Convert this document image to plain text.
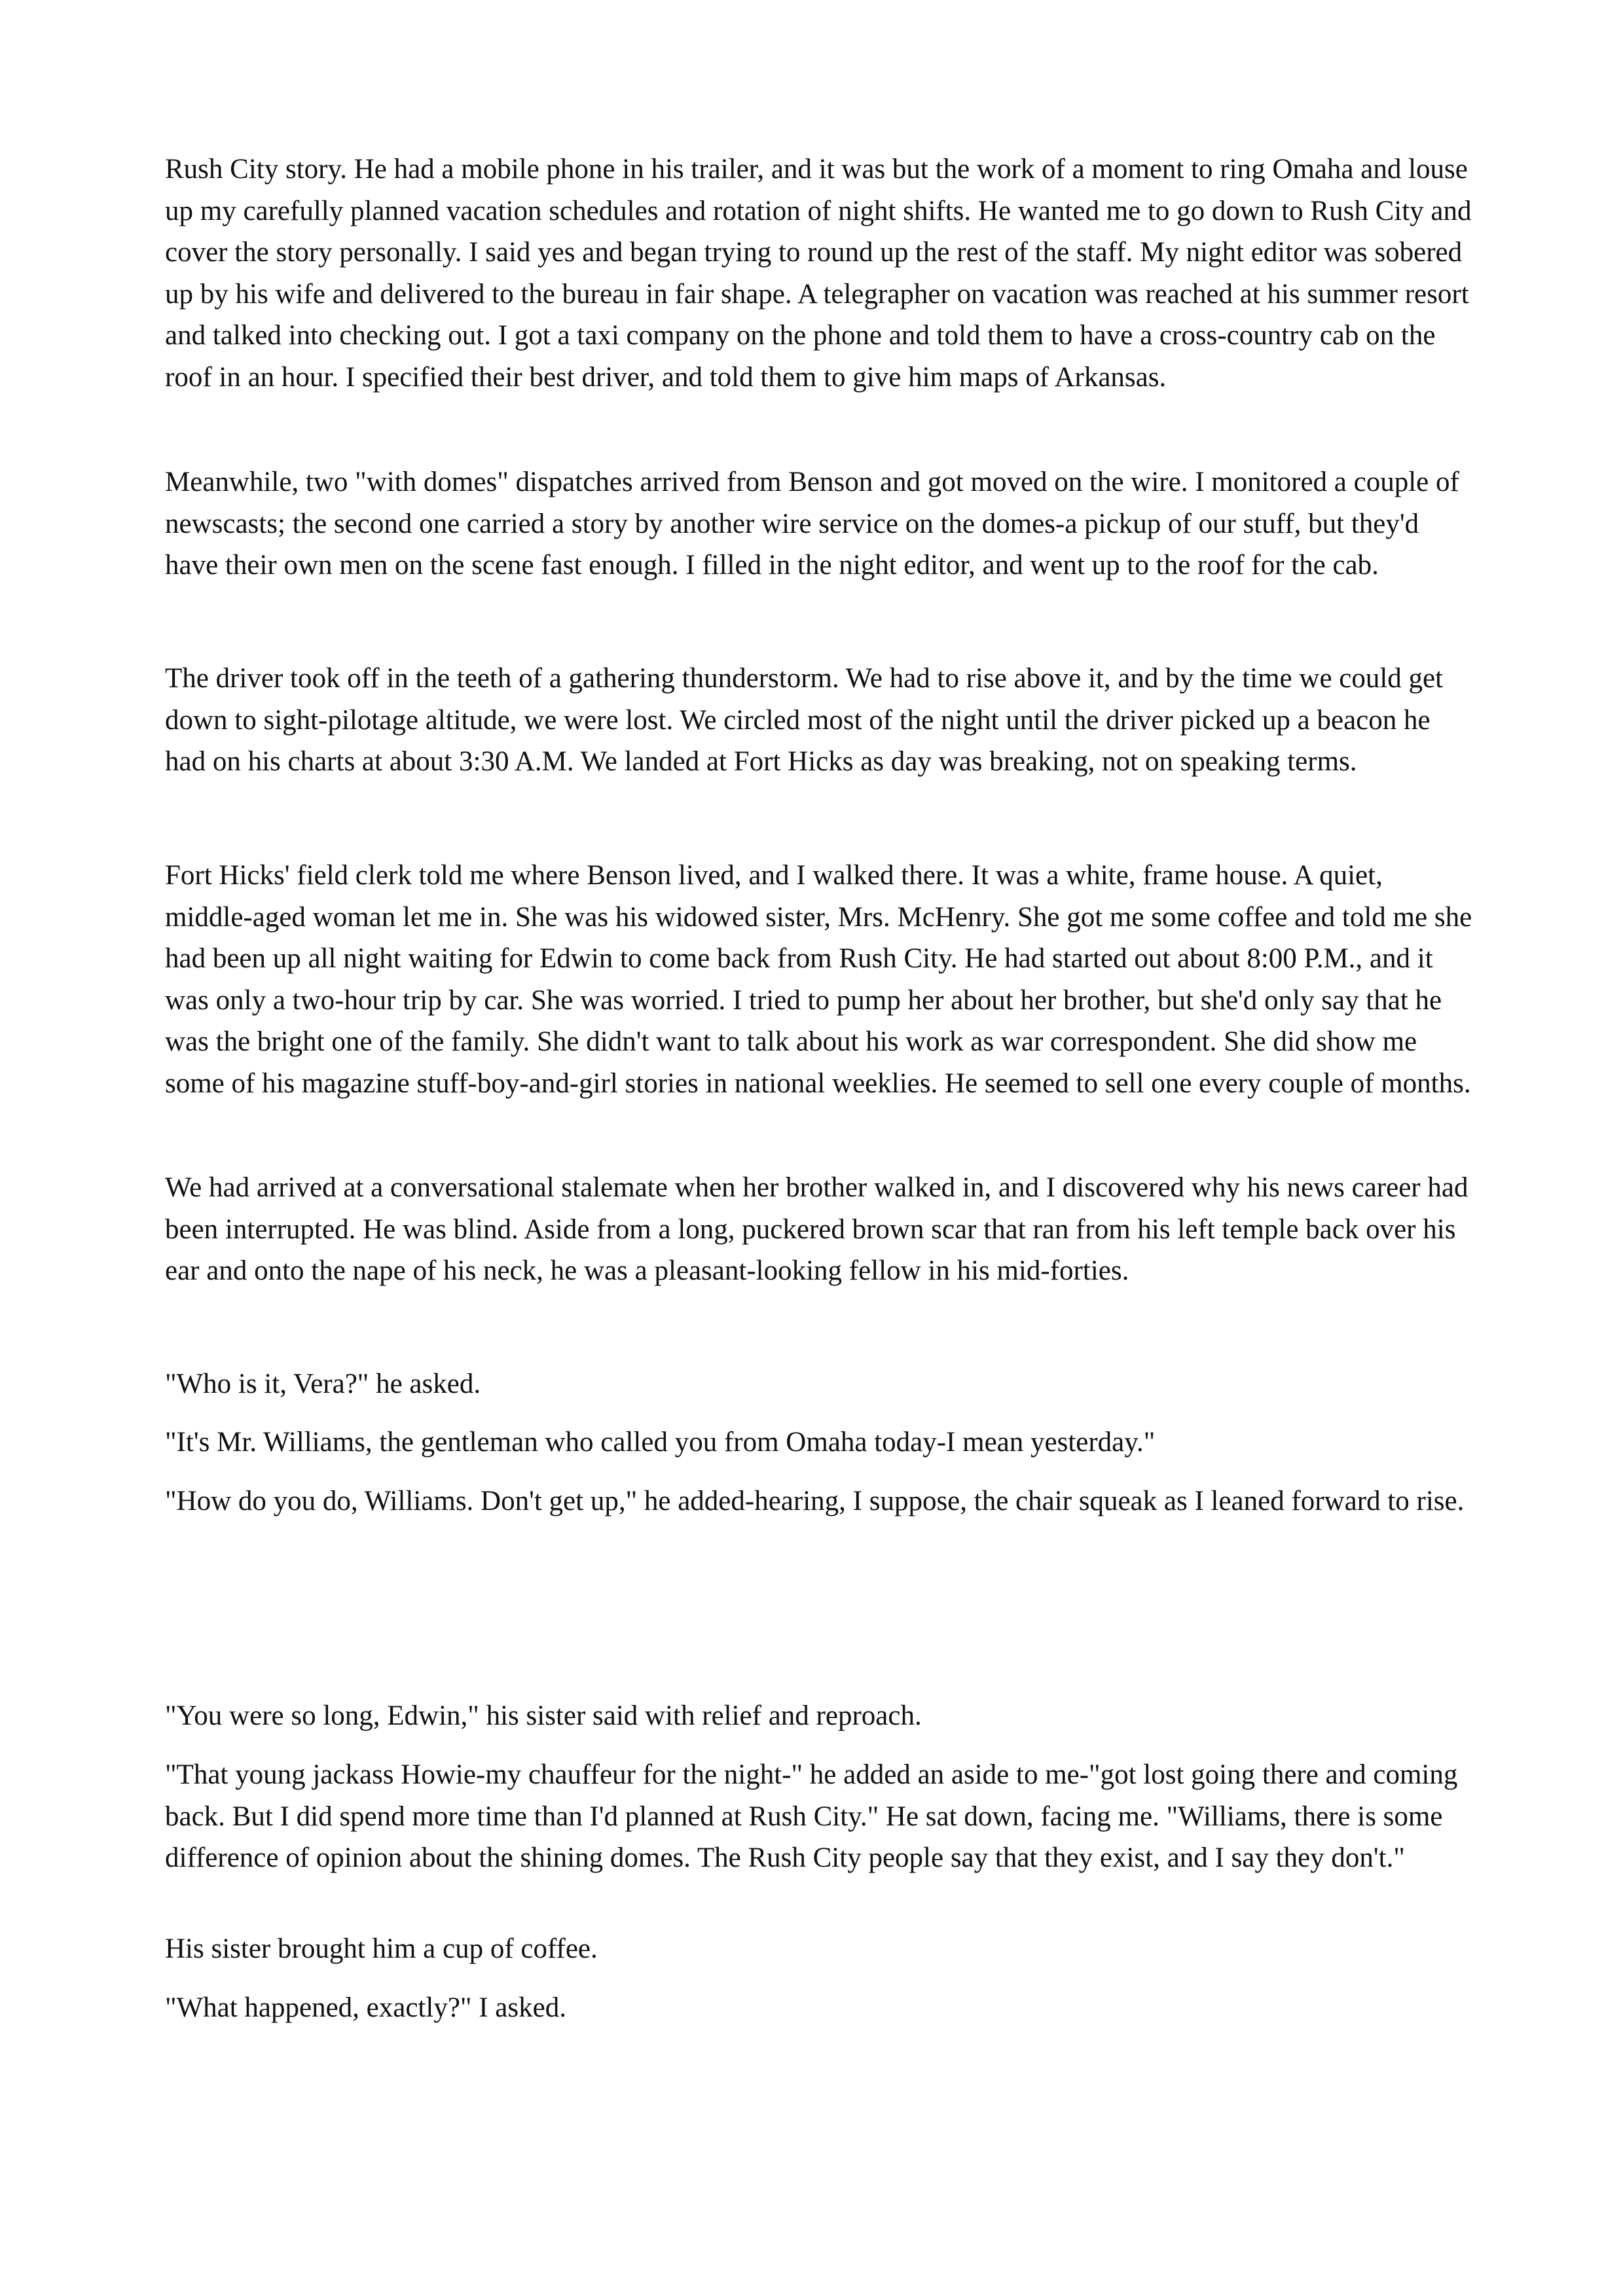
Rush City story. He had a mobile phone in his trailer, and it was but the work of a moment to ring Omaha and louse up my carefully planned vacation schedules and rotation of night shifts. He wanted me to go down to Rush City and cover the story personally. I said yes and began trying to round up the rest of the staff. My night editor was sobered up by his wife and delivered to the bureau in fair shape. A telegrapher on vacation was reached at his summer resort and talked into checking out. I got a taxi company on the phone and told them to have a cross-country cab on the roof in an hour. I specified their best driver, and told them to give him maps of Arkansas.

Meanwhile, two "with domes" dispatches arrived from Benson and got moved on the wire. I monitored a couple of newscasts; the second one carried a story by another wire service on the domes-a pickup of our stuff, but they'd have their own men on the scene fast enough. I filled in the night editor, and went up to the roof for the cab.

The driver took off in the teeth of a gathering thunderstorm. We had to rise above it, and by the time we could get down to sight-pilotage altitude, we were lost. We circled most of the night until the driver picked up a beacon he had on his charts at about 3:30 A.M. We landed at Fort Hicks as day was breaking, not on speaking terms.

Fort Hicks' field clerk told me where Benson lived, and I walked there. It was a white, frame house. A quiet, middle-aged woman let me in. She was his widowed sister, Mrs. McHenry. She got me some coffee and told me she had been up all night waiting for Edwin to come back from Rush City. He had started out about 8:00 P.M., and it was only a two-hour trip by car. She was worried. I tried to pump her about her brother, but she'd only say that he was the bright one of the family. She didn't want to talk about his work as war correspondent. She did show me some of his magazine stuff-boy-and-girl stories in national weeklies. He seemed to sell one every couple of months.

We had arrived at a conversational stalemate when her brother walked in, and I discovered why his news career had been interrupted. He was blind. Aside from a long, puckered brown scar that ran from his left temple back over his ear and onto the nape of his neck, he was a pleasant-looking fellow in his mid-forties.

"Who is it, Vera?" he asked.

"It's Mr. Williams, the gentleman who called you from Omaha today-I mean yesterday."

"How do you do, Williams. Don't get up," he added-hearing, I suppose, the chair squeak as I leaned forward to rise.

"You were so long, Edwin," his sister said with relief and reproach.

"That young jackass Howie-my chauffeur for the night-" he added an aside to me-"got lost going there and coming back. But I did spend more time than I'd planned at Rush City." He sat down, facing me. "Williams, there is some difference of opinion about the shining domes. The Rush City people say that they exist, and I say they don't."

His sister brought him a cup of coffee.

"What happened, exactly?" I asked.
